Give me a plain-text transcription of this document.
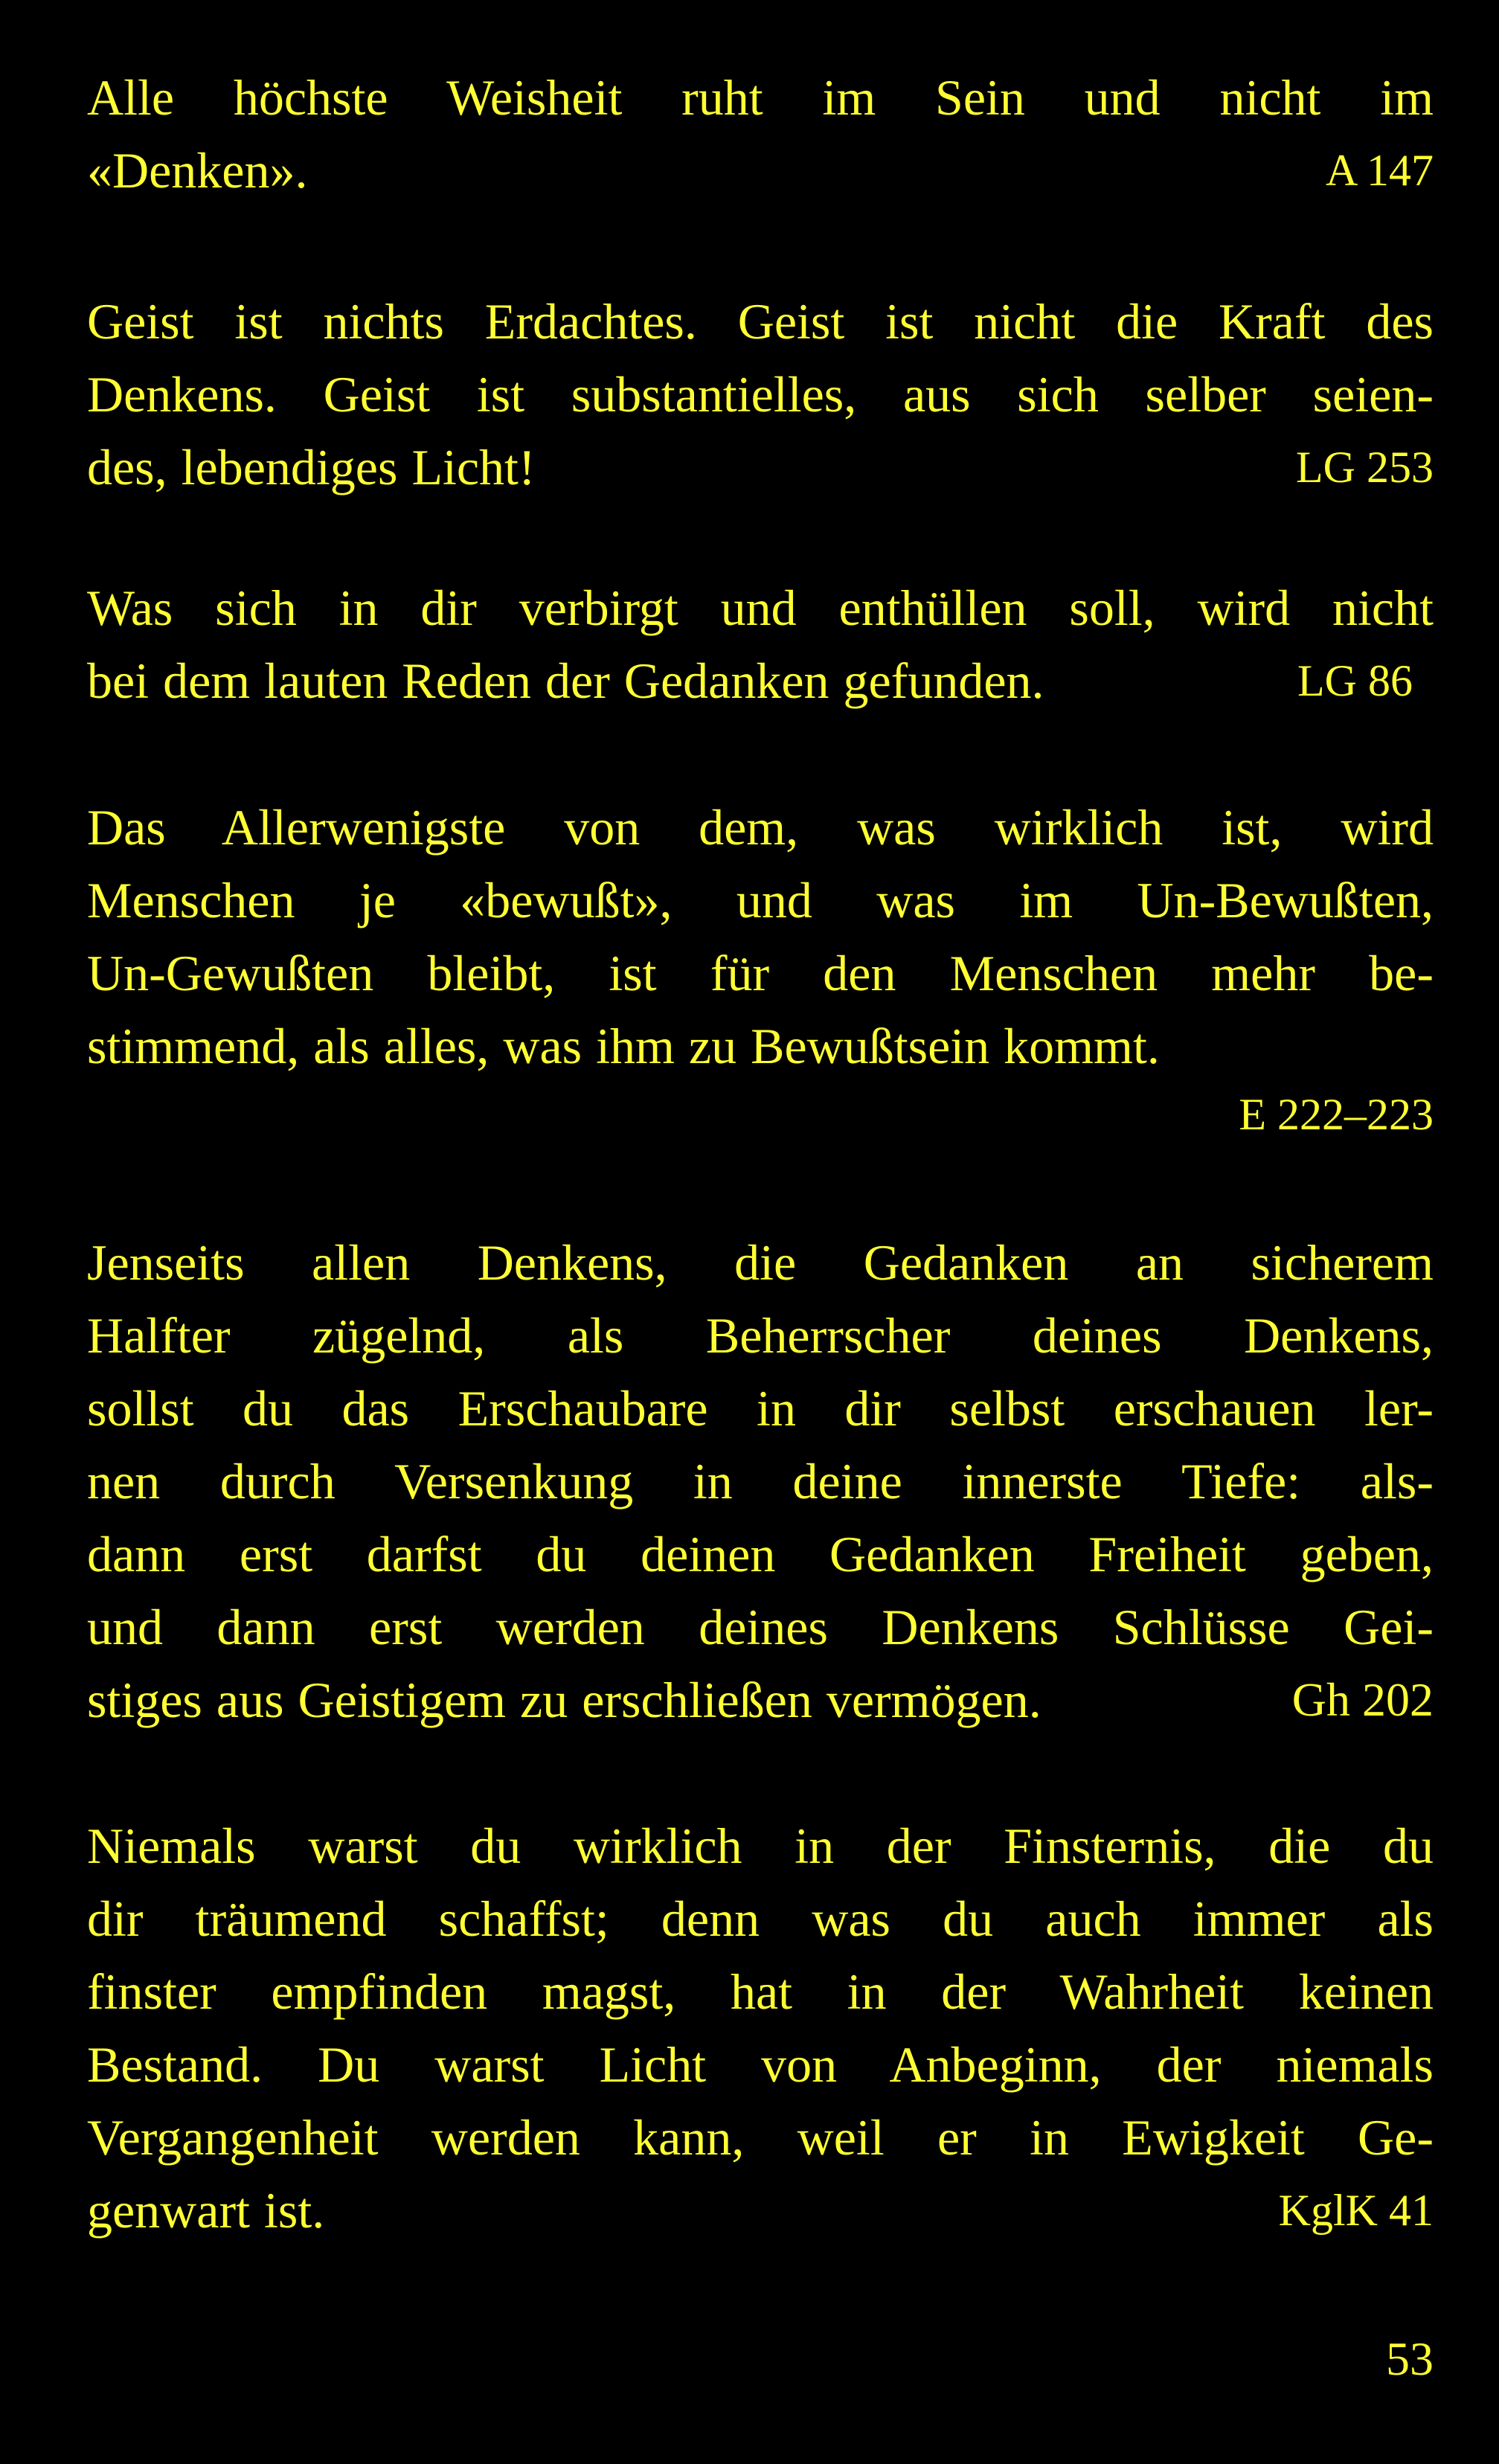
Alle höchste Weisheit ruht im Sein und nicht im
«Denken».	A 147
Geist ist nichts Erdachtes. Geist ist nicht die Kraft des
Denkens. Geist ist substantielles, aus sich selber seien-
des, lebendiges Licht!	LG 253
Was sich in dir verbirgt und enthüllen soll, wird nicht
bei dem lauten Reden der Gedanken gefunden.	LG 86
Das Allerwenigste von dem, was wirklich ist, wird
Menschen je «bewußt», und was im Un-Bewußten,
Un-Gewußten bleibt, ist für den Menschen mehr be-
stimmend, als alles, was ihm zu Bewußtsein kommt.
E 222–223
Jenseits allen Denkens, die Gedanken an sicherem
Halfter zügelnd, als Beherrscher deines Denkens,
sollst du das Erschaubare in dir selbst erschauen ler-
nen durch Versenkung in deine innerste Tiefe: als-
dann erst darfst du deinen Gedanken Freiheit geben,
und dann erst werden deines Denkens Schlüsse Gei-
stiges aus Geistigem zu erschließen vermögen.	Gh 202
Niemals warst du wirklich in der Finsternis, die du
dir träumend schaffst; denn was du auch immer als
finster empfinden magst, hat in der Wahrheit keinen
Bestand. Du warst Licht von Anbeginn, der niemals
Vergangenheit werden kann, weil er in Ewigkeit Ge-
genwart ist.	KglK 41
53
